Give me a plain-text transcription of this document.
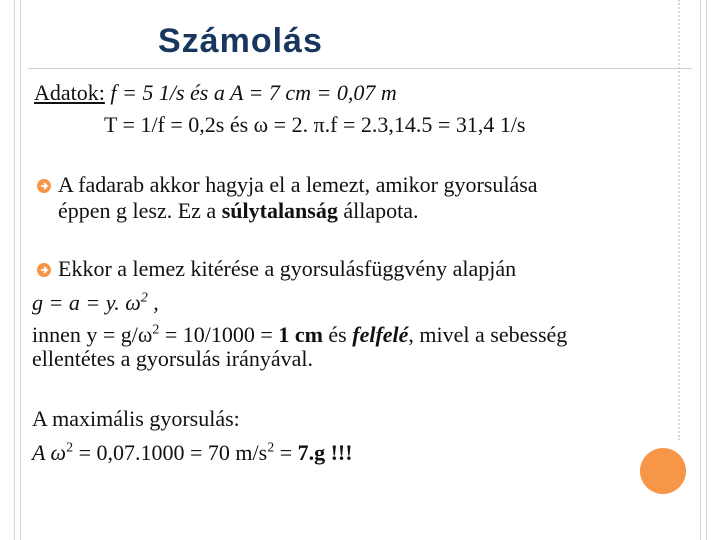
Számolás
Adatok: f = 5 1/s és a A = 7 cm = 0,07 m
T = 1/f = 0,2s és ω = 2. π.f = 2.3,14.5 = 31,4 1/s
A fadarab akkor hagyja el a lemezt, amikor gyorsulása
éppen g lesz. Ez a súlytalanság állapota.
Ekkor a lemez kitérése a gyorsulásfüggvény alapján
g = a = y. $\omega^2$ ,
innen $y = g/\omega^2 = 10/1000 = 1$ cm és felfelé, mivel a sebesség
ellentétes a gyorsulás irányával.
A maximális gyorsulás:
A $\omega^2 = 0,07.1000 = 70$ $m/s^2 = 7.g$ !!!
